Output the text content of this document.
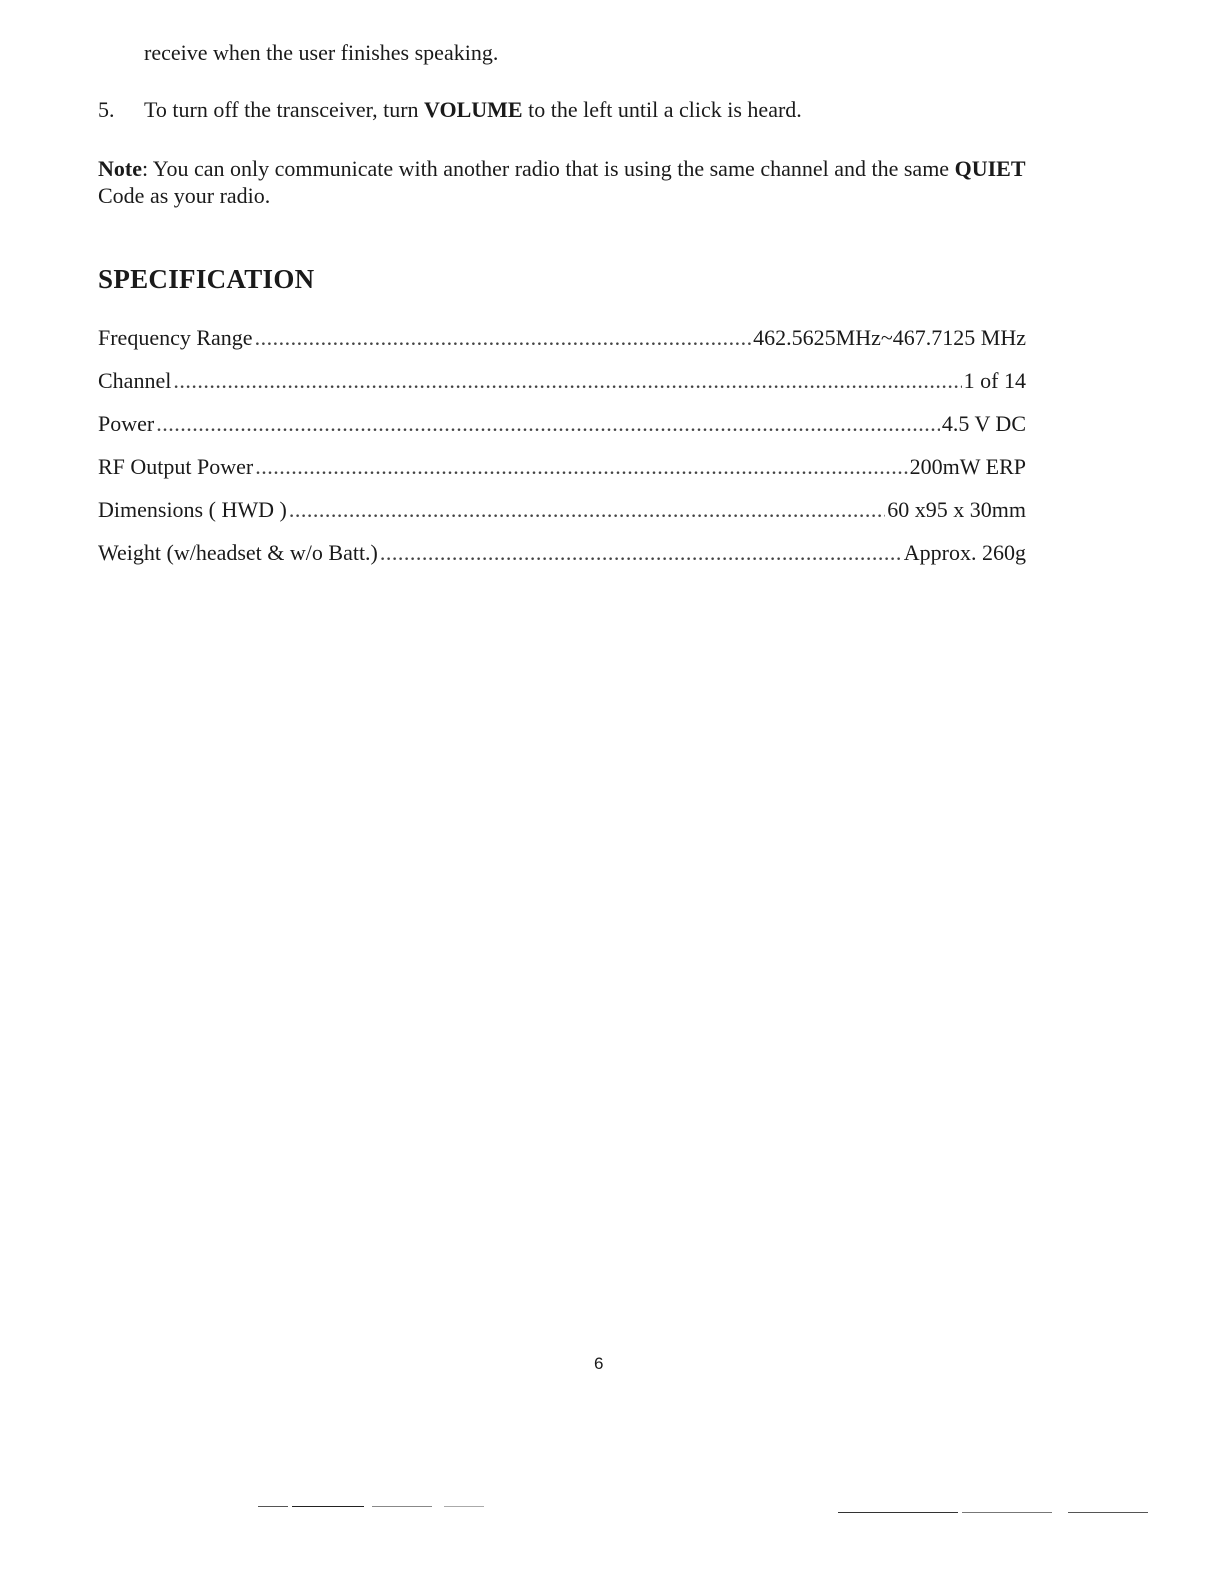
receive when the user finishes speaking.
5. To turn off the transceiver, turn VOLUME to the left until a click is heard.
Note: You can only communicate with another radio that is using the same channel and the same QUIET Code as your radio.
SPECIFICATION
Frequency Range .....	462.5625MHz~467.7125 MHz
Channel .....	1 of 14
Power .....	4.5 V DC
RF Output Power .....	200mW ERP
Dimensions ( HWD ) .....	60 x95 x 30mm
Weight (w/headset & w/o Batt.) .....	Approx. 260g
6
